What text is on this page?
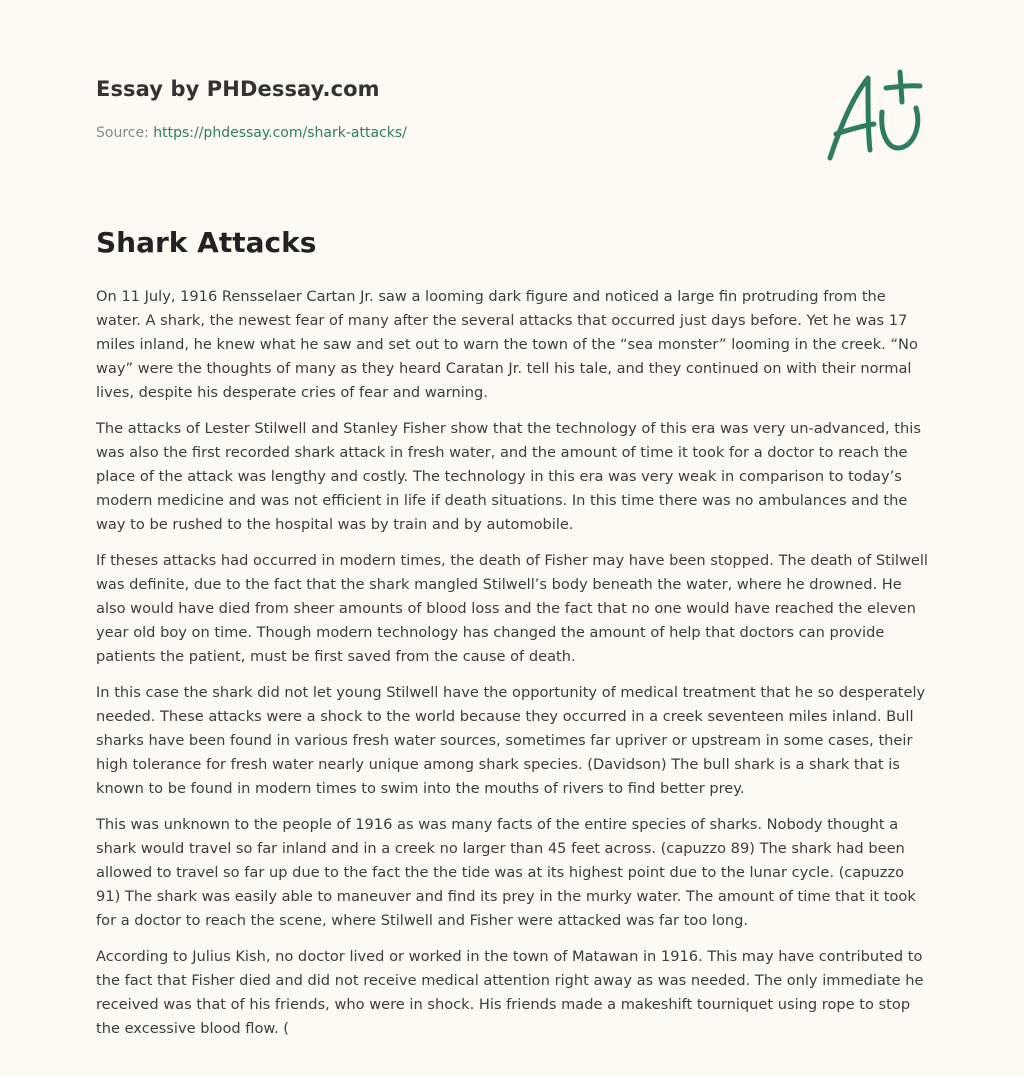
Essay by PHDessay.com
Source: https://phdessay.com/shark-attacks/
Shark Attacks

On 11 July, 1916 Rensselaer Cartan Jr. saw a looming dark figure and noticed a large fin protruding from the water. A shark, the newest fear of many after the several attacks that occurred just days before. Yet he was 17 miles inland, he knew what he saw and set out to warn the town of the “sea monster” looming in the creek. “No way” were the thoughts of many as they heard Caratan Jr. tell his tale, and they continued on with their normal lives, despite his desperate cries of fear and warning.

The attacks of Lester Stilwell and Stanley Fisher show that the technology of this era was very un-advanced, this was also the first recorded shark attack in fresh water, and the amount of time it took for a doctor to reach the place of the attack was lengthy and costly. The technology in this era was very weak in comparison to today’s modern medicine and was not efficient in life if death situations. In this time there was no ambulances and the way to be rushed to the hospital was by train and by automobile.

If theses attacks had occurred in modern times, the death of Fisher may have been stopped. The death of Stilwell was definite, due to the fact that the shark mangled Stilwell’s body beneath the water, where he drowned. He also would have died from sheer amounts of blood loss and the fact that no one would have reached the eleven year old boy on time. Though modern technology has changed the amount of help that doctors can provide patients the patient, must be first saved from the cause of death.

In this case the shark did not let young Stilwell have the opportunity of medical treatment that he so desperately needed. These attacks were a shock to the world because they occurred in a creek seventeen miles inland. Bull sharks have been found in various fresh water sources, sometimes far upriver or upstream in some cases, their high tolerance for fresh water nearly unique among shark species. (Davidson) The bull shark is a shark that is known to be found in modern times to swim into the mouths of rivers to find better prey.

This was unknown to the people of 1916 as was many facts of the entire species of sharks. Nobody thought a shark would travel so far inland and in a creek no larger than 45 feet across. (capuzzo 89) The shark had been allowed to travel so far up due to the fact the the tide was at its highest point due to the lunar cycle. (capuzzo 91) The shark was easily able to maneuver and find its prey in the murky water. The amount of time that it took for a doctor to reach the scene, where Stilwell and Fisher were attacked was far too long.

According to Julius Kish, no doctor lived or worked in the town of Matawan in 1916. This may have contributed to the fact that Fisher died and did not receive medical attention right away as was needed. The only immediate he received was that of his friends, who were in shock. His friends made a makeshift tourniquet using rope to stop the excessive blood flow. (
